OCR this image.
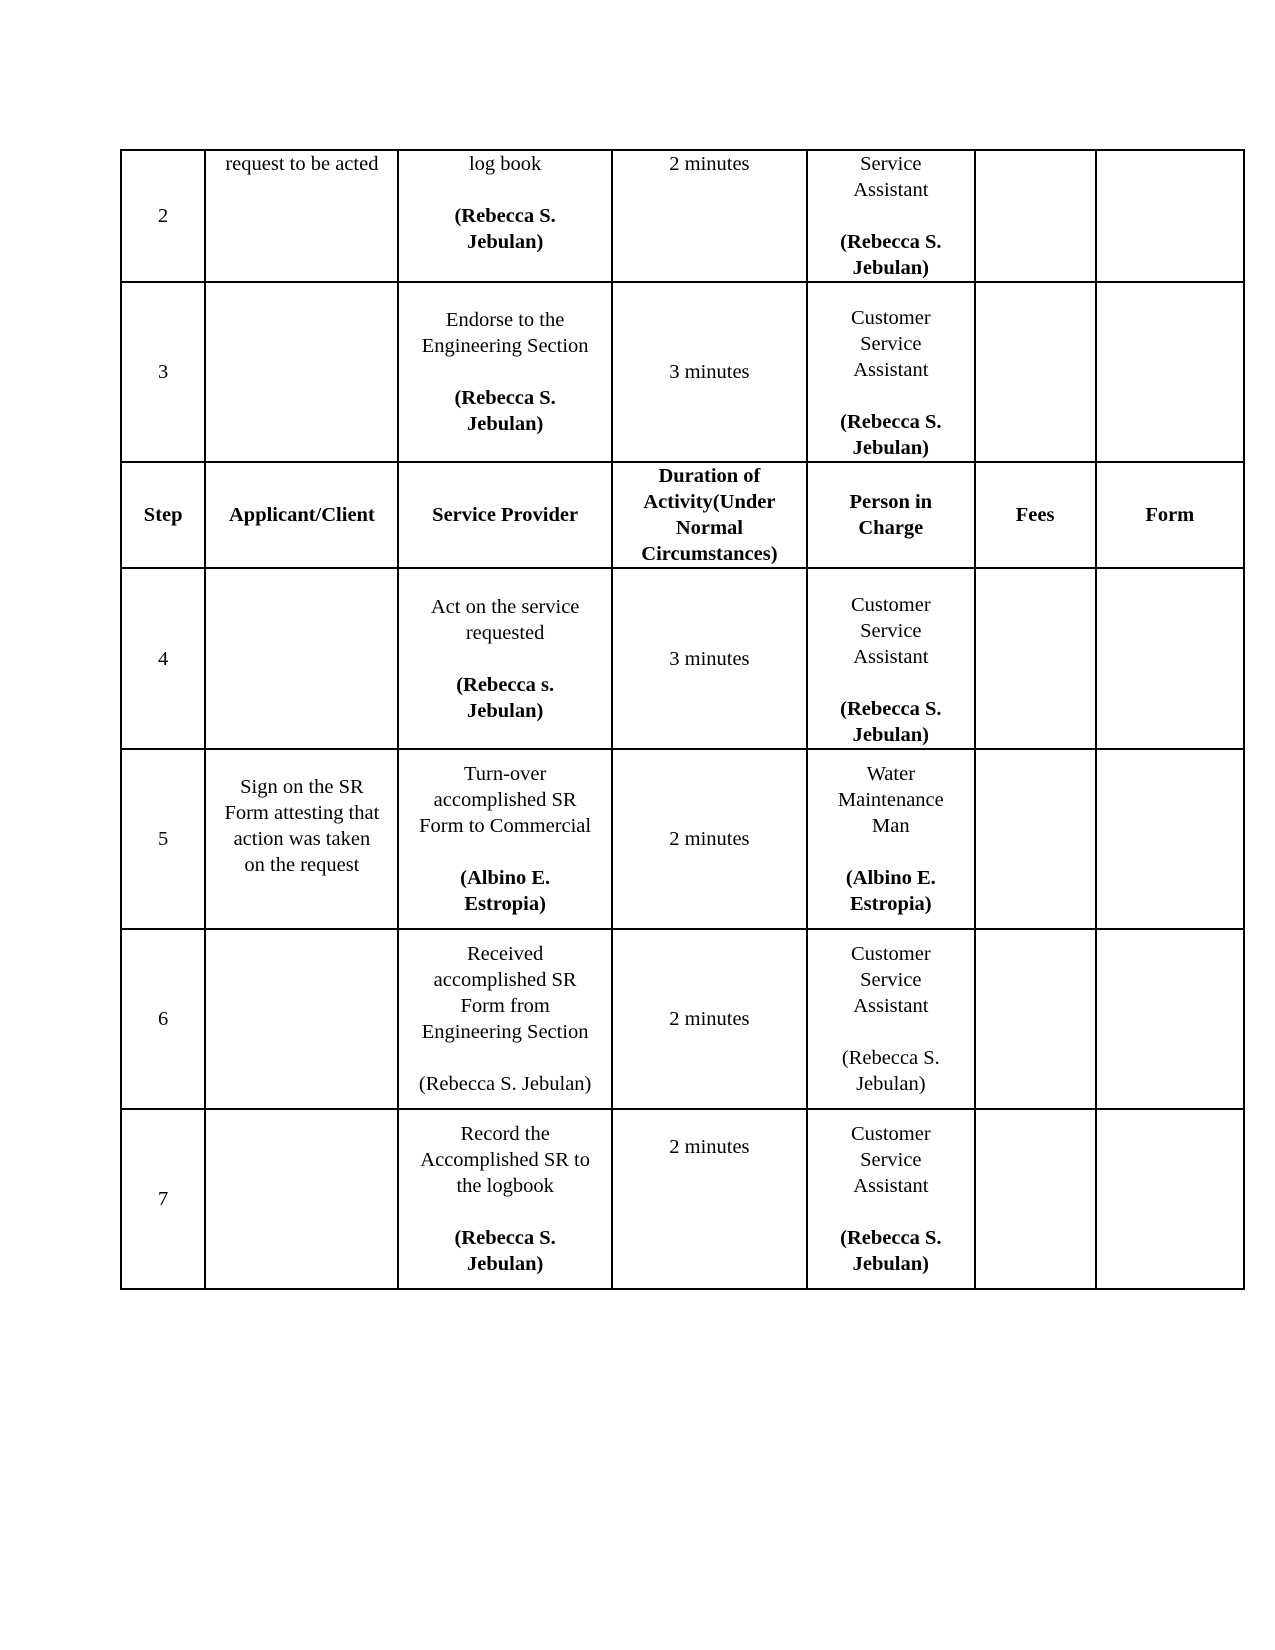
2	request to be acted	log book
(Rebecca S.
Jebulan)	2 minutes	Service
Assistant
(Rebecca S.
Jebulan)		

3		Endorse to the
Engineering Section
(Rebecca S.
Jebulan)	3 minutes	Customer
Service
Assistant
(Rebecca S.
Jebulan)		

Step	Applicant/Client	Service Provider	Duration of
Activity(Under
Normal
Circumstances)	Person in
Charge	Fees	Form
4		Act on the service
requested
(Rebecca s.
Jebulan)	3 minutes	Customer
Service
Assistant
(Rebecca S.
Jebulan)		

5	Sign on the SR
Form attesting that
action was taken
on the request	Turn-over
accomplished SR
Form to Commercial
(Albino E.
Estropia)	2 minutes	Water
Maintenance
Man
(Albino E.
Estropia)		

6		Received
accomplished SR
Form from
Engineering Section
(Rebecca S. Jebulan)	2 minutes	Customer
Service
Assistant
(Rebecca S.
Jebulan)		

7		Record the
Accomplished SR to
the logbook
(Rebecca S.
Jebulan)	2 minutes	Customer
Service
Assistant
(Rebecca S.
Jebulan)		
